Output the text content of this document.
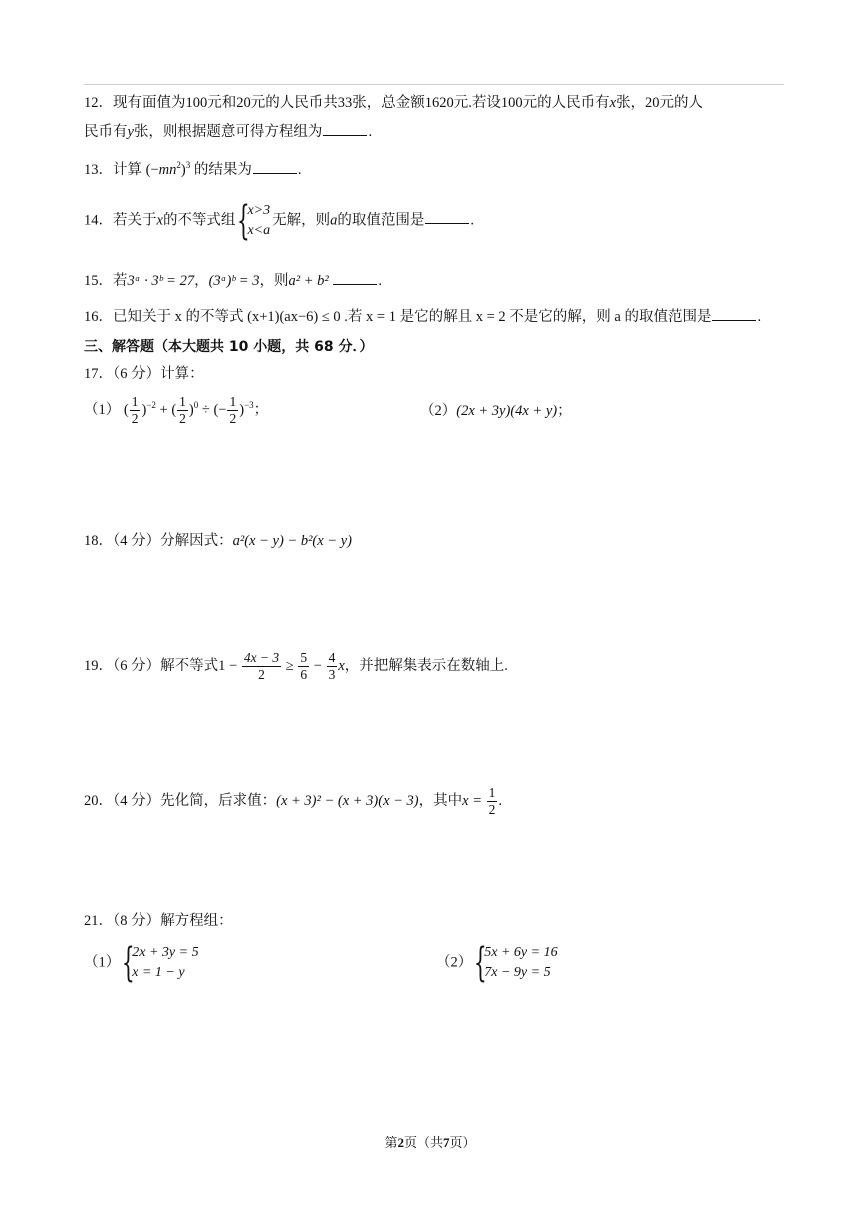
12．现有面值为100元和20元的人民币共33张，总金额1620元.若设100元的人民币有x张，20元的人
民币有y张，则根据题意可得方程组为	.
13．计算 $(-mn^2)^3$ 的结果为	.
14．若关于x的不等式组 {
x>3
x<a
无解，则a的取值范围是	.
15．若3ᵃ · 3ᵇ = 27，(3ᵃ)ᵇ = 3，则a² + b²	.
16．已知关于 x 的不等式 (x+1)(ax−6) ≤ 0 .若 x = 1 是它的解且 x = 2 不是它的解，则 a 的取值范围是	.
三、解答题（本大题共 10 小题，共 68 分．）
17．（6 分）计算：
（1） ( $\frac{1}{2} )^{-2}$ + ( $\frac{1}{2} )^0$ ÷ (− $\frac{1}{2} )^{-3}$；	（2）(2x + 3y)(4x + y)；
18．（4 分）分解因式：a²(x − y) − b²(x − y)
19．（6 分）解不等式$1 - \frac{4x - 3}{2} \ge \frac{5}{6} - \frac{4}{3}$ x，并把解集表示在数轴上.
20．（4 分）先化简，后求值：(x + 3)² − (x + 3)(x − 3)，其中$x = \frac{1}{2}$ .
21．（8 分）解方程组：
（1） {
2x + 3y = 5
x = 1 − y
（2） {
5x + 6y = 16
7x − 9y = 5
第2页（共7页）
